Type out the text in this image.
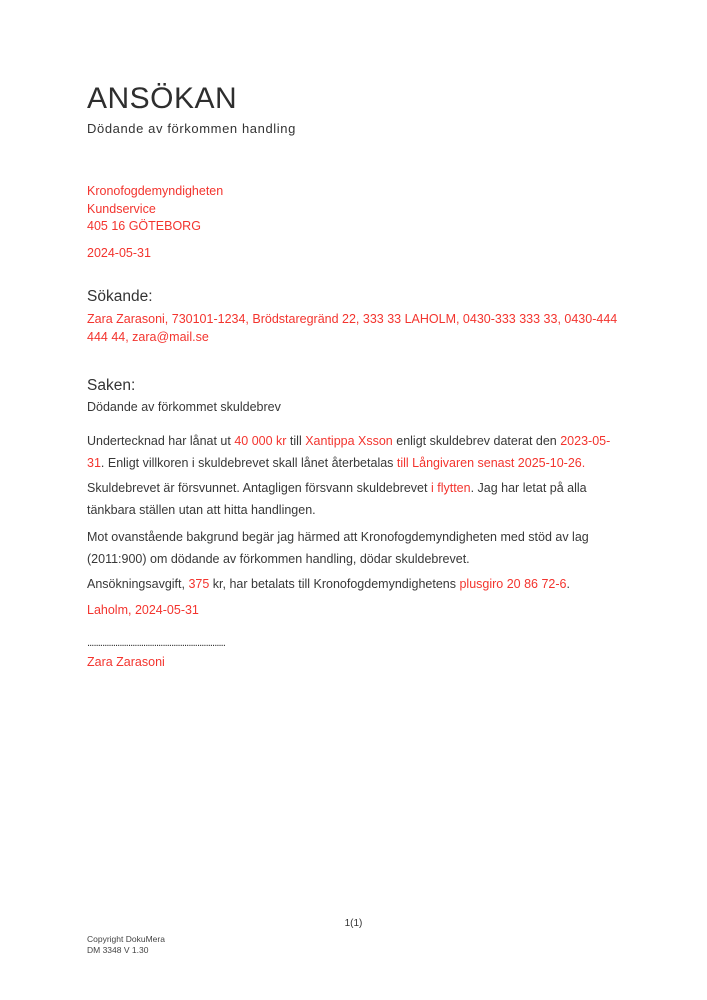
ANSÖKAN
Dödande av förkommen handling
Kronofogdemyndigheten
Kundservice
405 16 GÖTEBORG
2024-05-31
Sökande:
Zara Zarasoni, 730101-1234, Brödstaregränd 22, 333 33 LAHOLM, 0430-333 333 33, 0430-444 444 44, zara@mail.se
Saken:
Dödande av förkommet skuldebrev
Undertecknad har lånat ut 40 000 kr till Xantippa Xsson enligt skuldebrev daterat den 2023-05-31. Enligt villkoren i skuldebrevet skall lånet återbetalas till Långivaren senast 2025-10-26.
Skuldebrevet är försvunnet. Antagligen försvann skuldebrevet i flytten. Jag har letat på alla tänkbara ställen utan att hitta handlingen.
Mot ovanstående bakgrund begär jag härmed att Kronofogdemyndigheten med stöd av lag (2011:900) om dödande av förkommen handling, dödar skuldebrevet.
Ansökningsavgift, 375 kr, har betalats till Kronofogdemyndighetens plusgiro 20 86 72‑6.
Laholm, 2024-05-31
................................................................
Zara Zarasoni
1(1)
Copyright DokuMera
DM 3348 V 1.30
